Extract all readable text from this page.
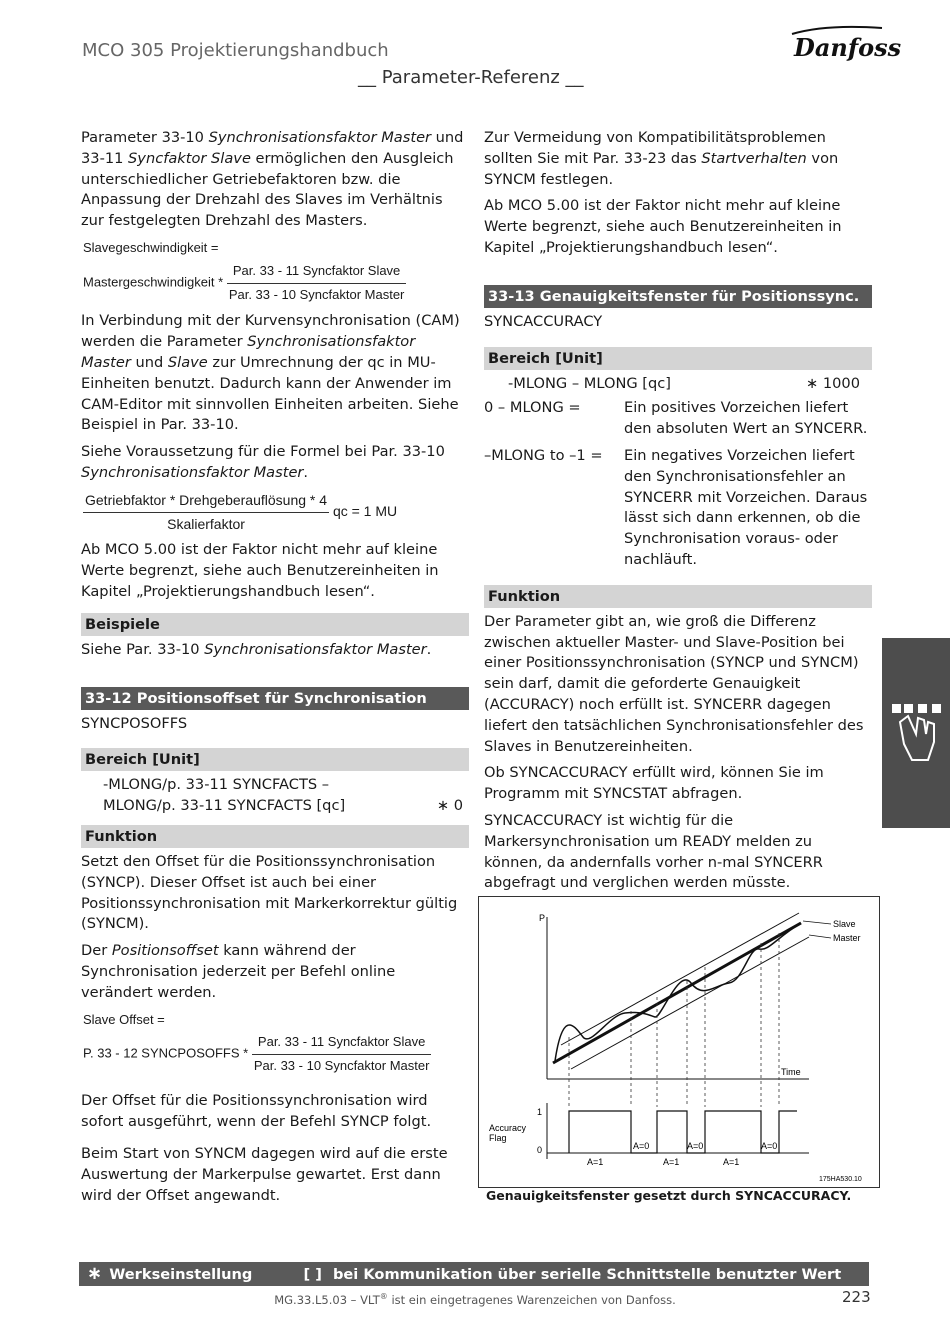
MCO 305 Projektierungshandbuch
__ Parameter-Referenz __
Danfoss

Parameter 33-10 Synchronisationsfaktor Master und 33-11 Syncfaktor Slave ermöglichen den Ausgleich unterschiedlicher Getriebefaktoren bzw. die Anpassung der Drehzahl des Slaves im Verhältnis zur festgelegten Drehzahl des Masters.

Slavegeschwindigkeit =
Mastergeschwindigkeit * $\frac{\text{Par. 33 - 11 Syncfaktor Slave}}{\text{Par. 33 - 10 Syncfaktor Master}}$

In Verbindung mit der Kurvensynchronisation (CAM) werden die Parameter Synchronisationsfaktor Master und Slave zur Umrechnung der qc in MU-Einheiten benutzt. Dadurch kann der Anwender im CAM-Editor mit sinnvollen Einheiten arbeiten. Siehe Beispiel in Par. 33-10.

Siehe Voraussetzung für die Formel bei Par. 33-10 Synchronisationsfaktor Master.

$\frac{\text{Getriebfaktor * Drehgeberauflösung * 4}}{\text{Skalierfaktor}}$ qc = 1 MU

Ab MCO 5.00 ist der Faktor nicht mehr auf kleine Werte begrenzt, siehe auch Benutzereinheiten in Kapitel „Projektierungshandbuch lesen“.

Beispiele

Siehe Par. 33-10 Synchronisationsfaktor Master.

33-12 Positionsoffset für Synchronisation

SYNCPOSOFFS

Bereich [Unit]
-MLONG/p. 33-11 SYNCFACTS –
MLONG/p. 33-11 SYNCFACTS [qc]	∗ 0
Funktion

Setzt den Offset für die Positionssynchronisation (SYNCP). Dieser Offset ist auch bei einer Positionssynchronisation mit Markerkorrektur gültig (SYNCM).

Der Positionsoffset kann während der Synchronisation jederzeit per Befehl online verändert werden.

Slave Offset =
P. 33 - 12 SYNCPOSOFFS * $\frac{\text{Par. 33 - 11 Syncfaktor Slave}}{\text{Par. 33 - 10 Syncfaktor Master}}$

Der Offset für die Positionssynchronisation wird sofort ausgeführt, wenn der Befehl SYNCP folgt.

Beim Start von SYNCM dagegen wird auf die erste Auswertung der Markerpulse gewartet. Erst dann wird der Offset angewandt.

Zur Vermeidung von Kompatibilitätsproblemen sollten Sie mit Par. 33-23 das Startverhalten von SYNCM festlegen.

Ab MCO 5.00 ist der Faktor nicht mehr auf kleine Werte begrenzt, siehe auch Benutzereinheiten in Kapitel „Projektierungshandbuch lesen“.

33-13 Genauigkeitsfenster für Positionssync.

SYNCACCURACY

Bereich [Unit]
-MLONG – MLONG [qc]	∗ 1000
0 – MLONG =	Ein positives Vorzeichen liefert den absoluten Wert an SYNCERR.
–MLONG to –1 =	Ein negatives Vorzeichen liefert den Synchronisationsfehler an SYNCERR mit Vorzeichen. Daraus lässt sich dann erkennen, ob die Synchronisation voraus- oder nachläuft.
Funktion

Der Parameter gibt an, wie groß die Differenz zwischen aktueller Master- und Slave-Position bei einer Positionssynchronisation (SYNCP und SYNCM) sein darf, damit die geforderte Genauigkeit (ACCURACY) noch erfüllt ist. SYNCERR dagegen liefert den tatsächlichen Synchronisationsfehler des Slaves in Benutzereinheiten.

Ob SYNCACCURACY erfüllt wird, können Sie im Programm mit SYNCSTAT abfragen.

SYNCACCURACY ist wichtig für die Markersynchronisation um READY melden zu können, da andernfalls vorher n-mal SYNCERR abgefragt und verglichen werden müsste.

P
Time
Slave
Master
1
0
Accuracy
Flag
A=0	A=0	A=0
A=1	A=1	A=1
175HA530.10
Genauigkeitsfenster gesetzt durch SYNCACCURACY.
∗ Werkseinstellung	[ ] bei Kommunikation über serielle Schnittstelle benutzter Wert
MG.33.L5.03 – VLT® ist ein eingetragenes Warenzeichen von Danfoss.	223
